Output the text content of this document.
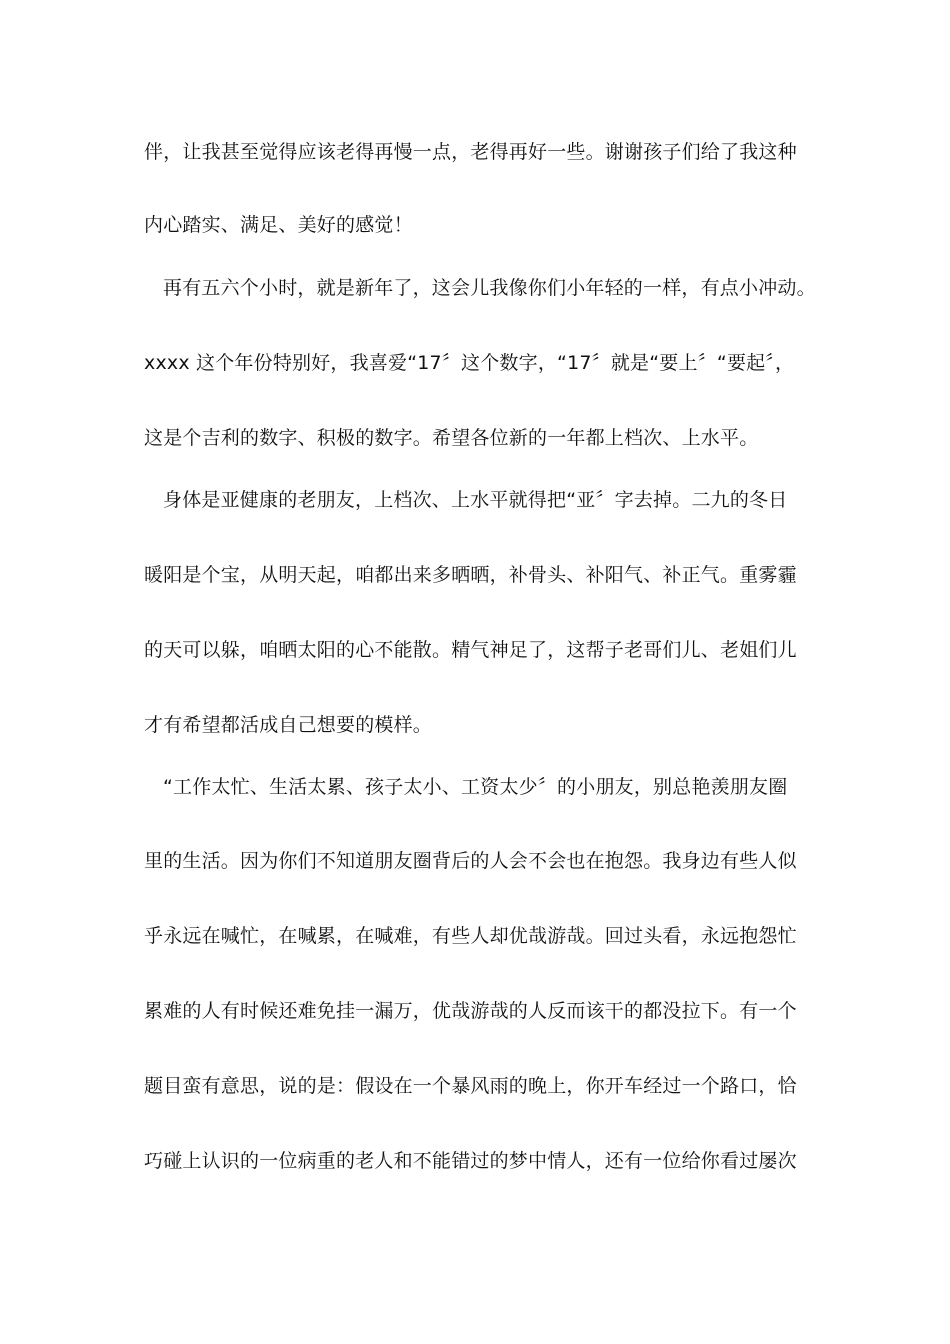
伴，让我甚至觉得应该老得再慢一点，老得再好一些。谢谢孩子们给了我这种
内心踏实、满足、美好的感觉！
再有五六个小时，就是新年了，这会儿我像你们小年轻的一样，有点小冲动。
xxxx 这个年份特别好，我喜爱“17〞这个数字，“17〞就是“要上〞“要起〞，
这是个吉利的数字、积极的数字。希望各位新的一年都上档次、上水平。
身体是亚健康的老朋友，上档次、上水平就得把“亚〞字去掉。二九的冬日
暖阳是个宝，从明天起，咱都出来多晒晒，补骨头、补阳气、补正气。重雾霾
的天可以躲，咱晒太阳的心不能散。精气神足了，这帮子老哥们儿、老姐们儿
才有希望都活成自己想要的模样。
“工作太忙、生活太累、孩子太小、工资太少〞的小朋友，别总艳羡朋友圈
里的生活。因为你们不知道朋友圈背后的人会不会也在抱怨。我身边有些人似
乎永远在喊忙，在喊累，在喊难，有些人却优哉游哉。回过头看，永远抱怨忙
累难的人有时候还难免挂一漏万，优哉游哉的人反而该干的都没拉下。有一个
题目蛮有意思，说的是：假设在一个暴风雨的晚上，你开车经过一个路口，恰
巧碰上认识的一位病重的老人和不能错过的梦中情人，还有一位给你看过屡次
